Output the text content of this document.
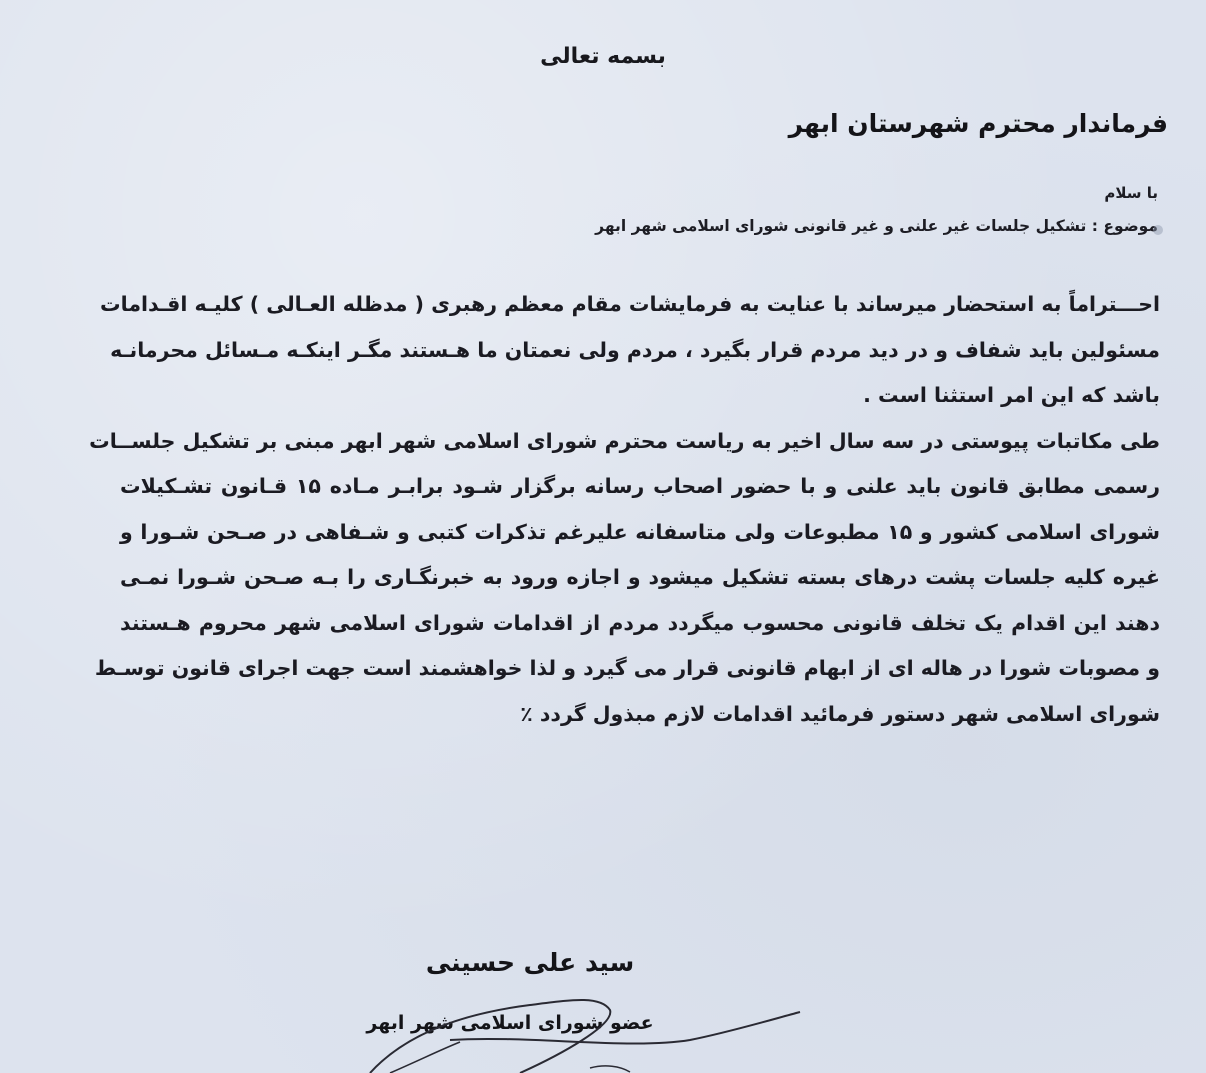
بسمه تعالی
فرماندار محترم شهرستان ابهر
با سلام
موضوع : تشکیل جلسات غیر علنی و غیر قانونی شورای اسلامی شهر ابهر
احـــتراماً به استحضار میرساند با عنایت به فرمایشات مقام معظم رهبری ( مدظله العـالی ) کلیـه اقـدامات
مسئولین باید شفاف و در دید مردم قرار بگیرد ، مردم ولی نعمتان ما هـستند مگـر اینکـه مـسائل محرمانـه
باشد که این امر استثنا است .
طی مکاتبات پیوستی در سه سال اخیر به ریاست محترم شورای اسلامی شهر ابهر مبنی بر تشکیل جلســات
رسمی مطابق قانون باید علنی و با حضور اصحاب رسانه برگزار شـود برابـر مـاده ۱۵ قـانون تشـکیلات
شورای اسلامی کشور و ۱۵ مطبوعات ولی متاسفانه علیرغم تذکرات کتبی و شـفاهی در صـحن شـورا و
غیره کلیه جلسات پشت درهای بسته تشکیل میشود و اجازه ورود به خبرنگـاری را بـه صـحن شـورا نمـی
دهند این اقدام یک تخلف قانونی محسوب میگردد مردم از اقدامات شورای اسلامی شهر محروم هـستند
و مصوبات شورا در هاله ای از ابهام قانونی قرار می گیرد و لذا خواهشمند است جهت اجرای قانون توسـط
شورای اسلامی شهر دستور فرمائید اقدامات لازم مبذول گردد ٪
سید علی حسینی
عضو شورای اسلامی شهر ابهر
